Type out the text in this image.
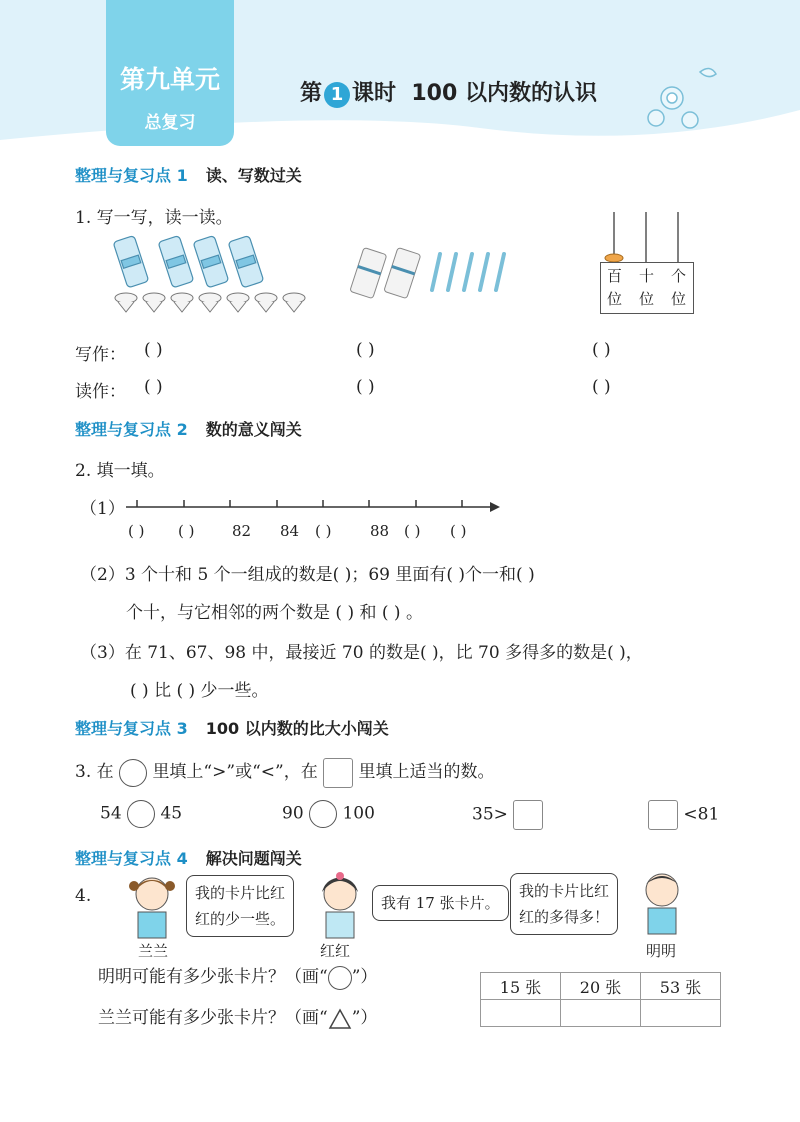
第九单元
总复习
第 1 课时 100 以内数的认识
整理与复习点 1 读、写数过关
1. 写一写，读一读。
百 十 个
位 位 位
写作： ( )	( )	( )
读作： ( )	( )	( )
整理与复习点 2 数的意义闯关
2. 填一填。
（1）
( ) ( )	82 84 ( )	88 ( ) ( )
（2）3 个十和 5 个一组成的数是( )；69 里面有( )个一和( )
个十，与它相邻的两个数是 ( ) 和 ( ) 。
（3）在 71、67、98 中，最接近 70 的数是( )，比 70 多得多的数是( )，
( ) 比 ( ) 少一些。
整理与复习点 3 100 以内数的比大小闯关
3. 在 里填上“>”或“<”，在 里填上适当的数。
54 45	90 100	35>	<81
整理与复习点 4 解决问题闯关
4.
兰兰
我的卡片比红
红的少一些。
红红
我有 17 张卡片。
我的卡片比红
红的多得多！
明明
明明可能有多少张卡片？（画“○”）
兰兰可能有多少张卡片？（画“ ”）
15 张	20 张	53 张
